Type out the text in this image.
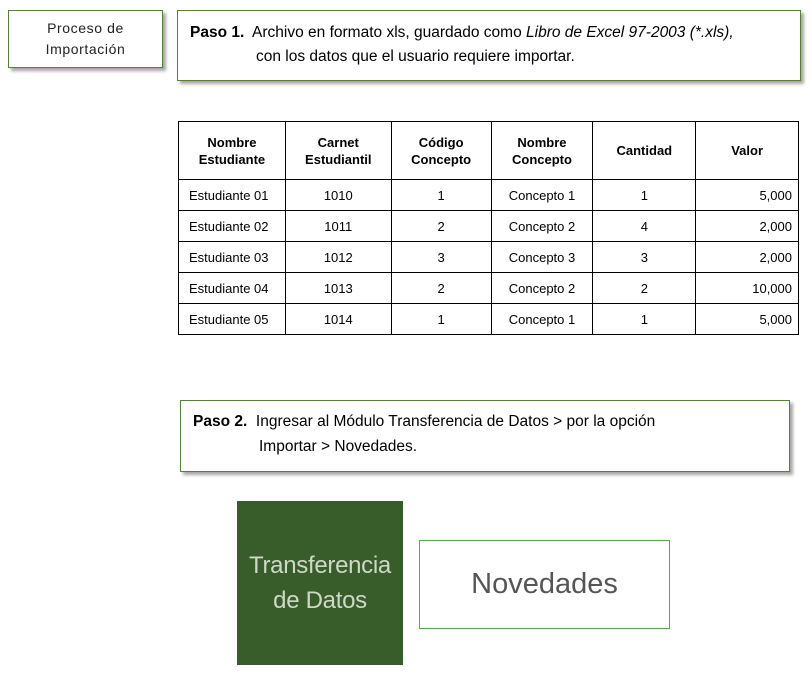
Proceso de Importación
Paso 1. Archivo en formato xls, guardado como Libro de Excel 97-2003 (*.xls),
con los datos que el usuario requiere importar.
Nombre Estudiante	Carnet Estudiantil	Código Concepto	Nombre Concepto	Cantidad	Valor
Estudiante 01	1010	1	Concepto 1	1	5,000
Estudiante 02	1011	2	Concepto 2	4	2,000
Estudiante 03	1012	3	Concepto 3	3	2,000
Estudiante 04	1013	2	Concepto 2	2	10,000
Estudiante 05	1014	1	Concepto 1	1	5,000
Paso 2. Ingresar al Módulo Transferencia de Datos > por la opción
Importar > Novedades.
Transferencia
de Datos
Novedades
